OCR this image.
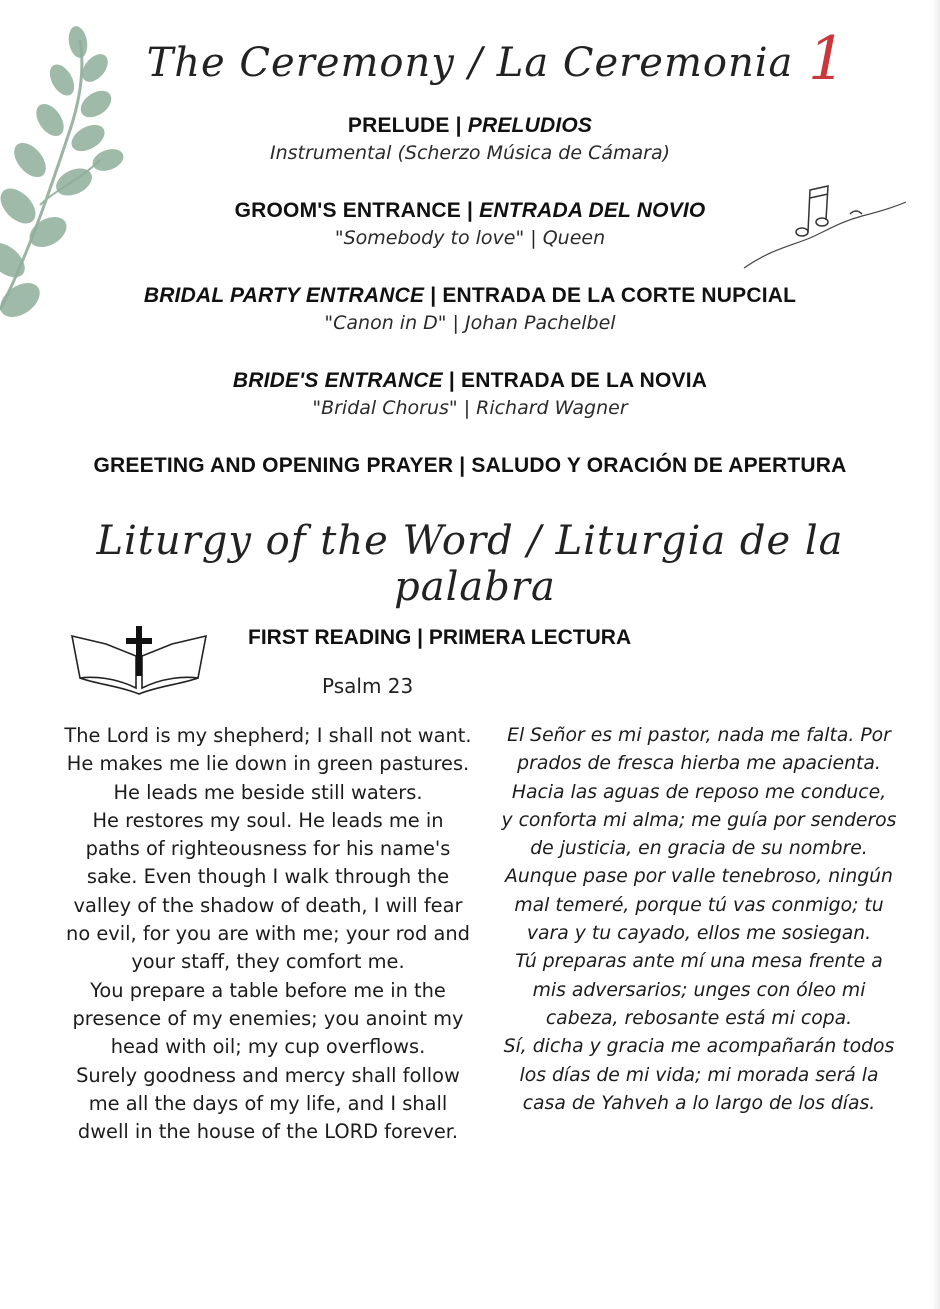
The Ceremony / La Ceremonia 1
PRELUDE | PRELUDIOS
Instrumental (Scherzo Música de Cámara)
GROOM'S ENTRANCE | ENTRADA DEL NOVIO
"Somebody to love" | Queen
BRIDAL PARTY ENTRANCE | ENTRADA DE LA CORTE NUPCIAL
"Canon in D" | Johan Pachelbel
BRIDE'S ENTRANCE | ENTRADA DE LA NOVIA
"Bridal Chorus" | Richard Wagner
GREETING AND OPENING PRAYER | SALUDO Y ORACIÓN DE APERTURA
Liturgy of the Word / Liturgia de la
palabra
FIRST READING | PRIMERA LECTURA
Psalm 23

The Lord is my shepherd; I shall not want. He makes me lie down in green pastures. He leads me beside still waters.

He restores my soul. He leads me in paths of righteousness for his name's sake. Even though I walk through the valley of the shadow of death, I will fear no evil, for you are with me; your rod and your staff, they comfort me.

You prepare a table before me in the presence of my enemies; you anoint my head with oil; my cup overflows.

Surely goodness and mercy shall follow me all the days of my life, and I shall dwell in the house of the LORD forever.

El Señor es mi pastor, nada me falta. Por prados de fresca hierba me apacienta. Hacia las aguas de reposo me conduce,

y conforta mi alma; me guía por senderos de justicia, en gracia de su nombre.

Aunque pase por valle tenebroso, ningún mal temeré, porque tú vas conmigo; tu vara y tu cayado, ellos me sosiegan.

Tú preparas ante mí una mesa frente a mis adversarios; unges con óleo mi cabeza, rebosante está mi copa.

Sí, dicha y gracia me acompañarán todos los días de mi vida; mi morada será la casa de Yahveh a lo largo de los días.
